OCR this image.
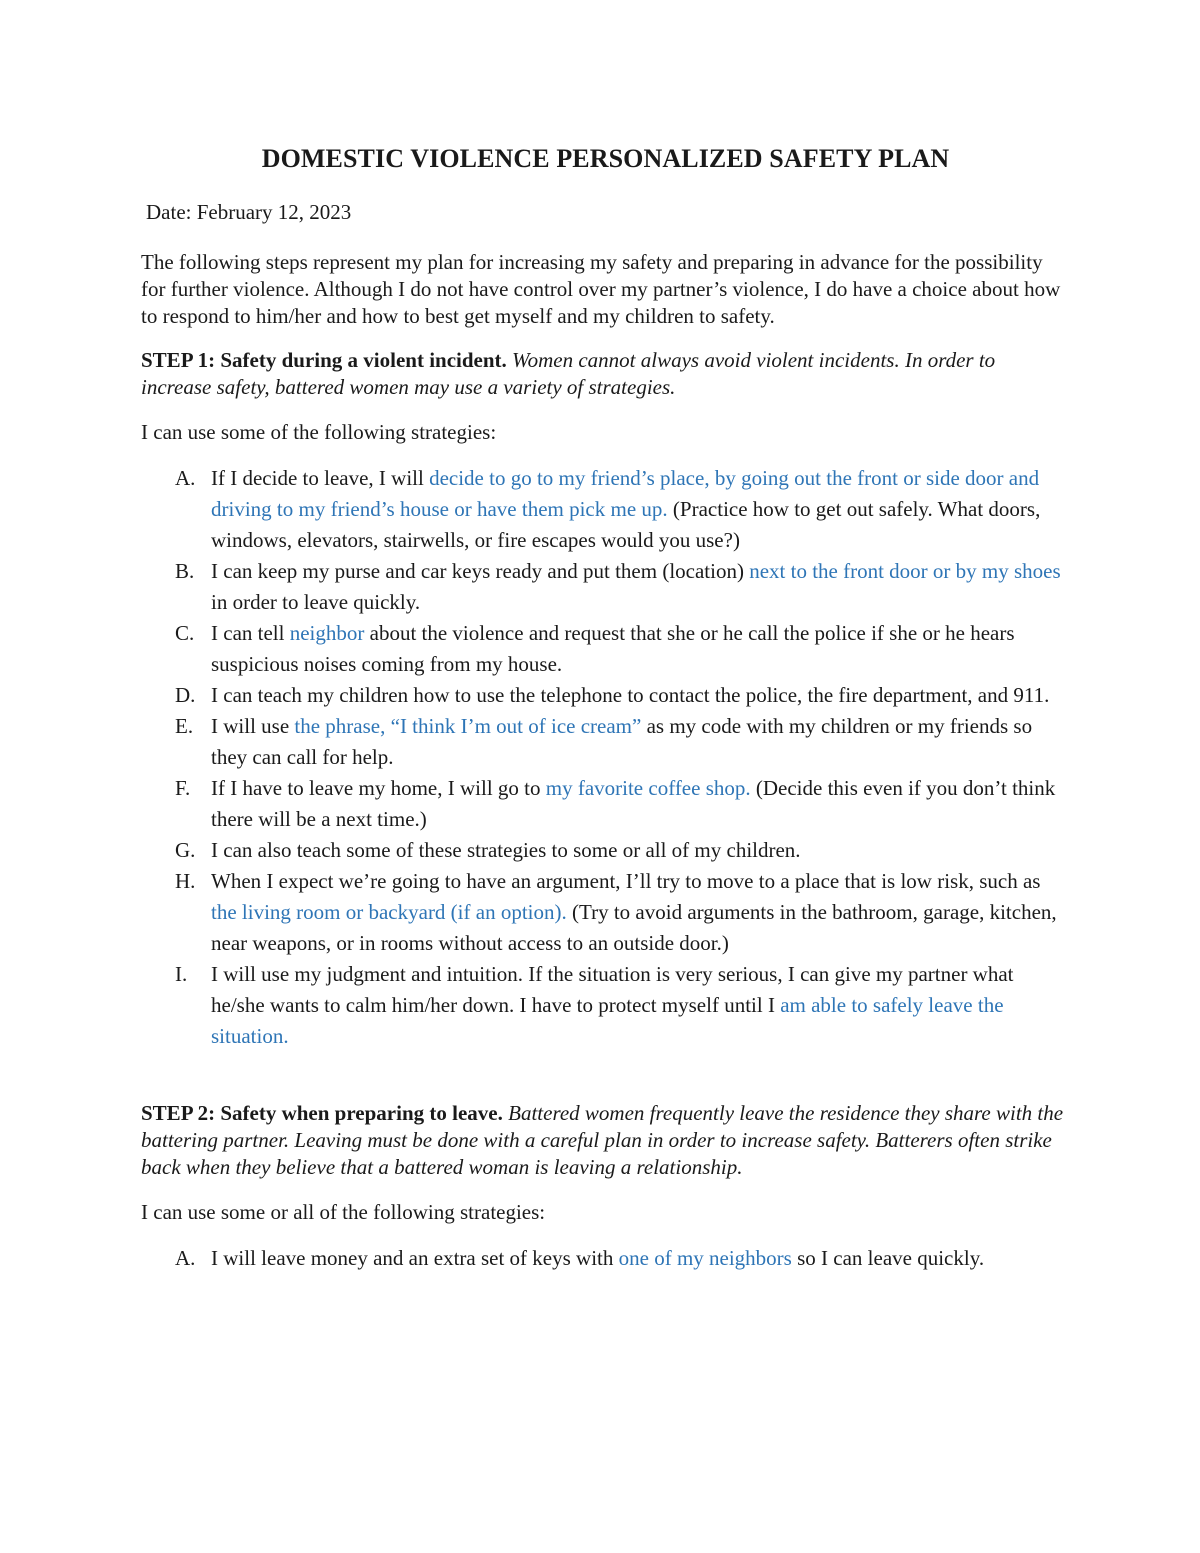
DOMESTIC VIOLENCE PERSONALIZED SAFETY PLAN
Date: February 12, 2023
The following steps represent my plan for increasing my safety and preparing in advance for the possibility for further violence. Although I do not have control over my partner’s violence, I do have a choice about how to respond to him/her and how to best get myself and my children to safety.
STEP 1: Safety during a violent incident. Women cannot always avoid violent incidents. In order to increase safety, battered women may use a variety of strategies.
I can use some of the following strategies:
A. If I decide to leave, I will decide to go to my friend’s place, by going out the front or side door and driving to my friend’s house or have them pick me up. (Practice how to get out safely. What doors, windows, elevators, stairwells, or fire escapes would you use?)
B. I can keep my purse and car keys ready and put them (location) next to the front door or by my shoes in order to leave quickly.
C. I can tell neighbor about the violence and request that she or he call the police if she or he hears suspicious noises coming from my house.
D. I can teach my children how to use the telephone to contact the police, the fire department, and 911.
E. I will use the phrase, “I think I’m out of ice cream” as my code with my children or my friends so they can call for help.
F. If I have to leave my home, I will go to my favorite coffee shop. (Decide this even if you don’t think there will be a next time.)
G. I can also teach some of these strategies to some or all of my children.
H. When I expect we’re going to have an argument, I’ll try to move to a place that is low risk, such as the living room or backyard (if an option). (Try to avoid arguments in the bathroom, garage, kitchen, near weapons, or in rooms without access to an outside door.)
I.	I will use my judgment and intuition. If the situation is very serious, I can give my partner what he/she wants to calm him/her down. I have to protect myself until I am able to safely leave the situation.
STEP 2: Safety when preparing to leave. Battered women frequently leave the residence they share with the battering partner. Leaving must be done with a careful plan in order to increase safety. Batterers often strike back when they believe that a battered woman is leaving a relationship.
I can use some or all of the following strategies:
A. I will leave money and an extra set of keys with one of my neighbors so I can leave quickly.
